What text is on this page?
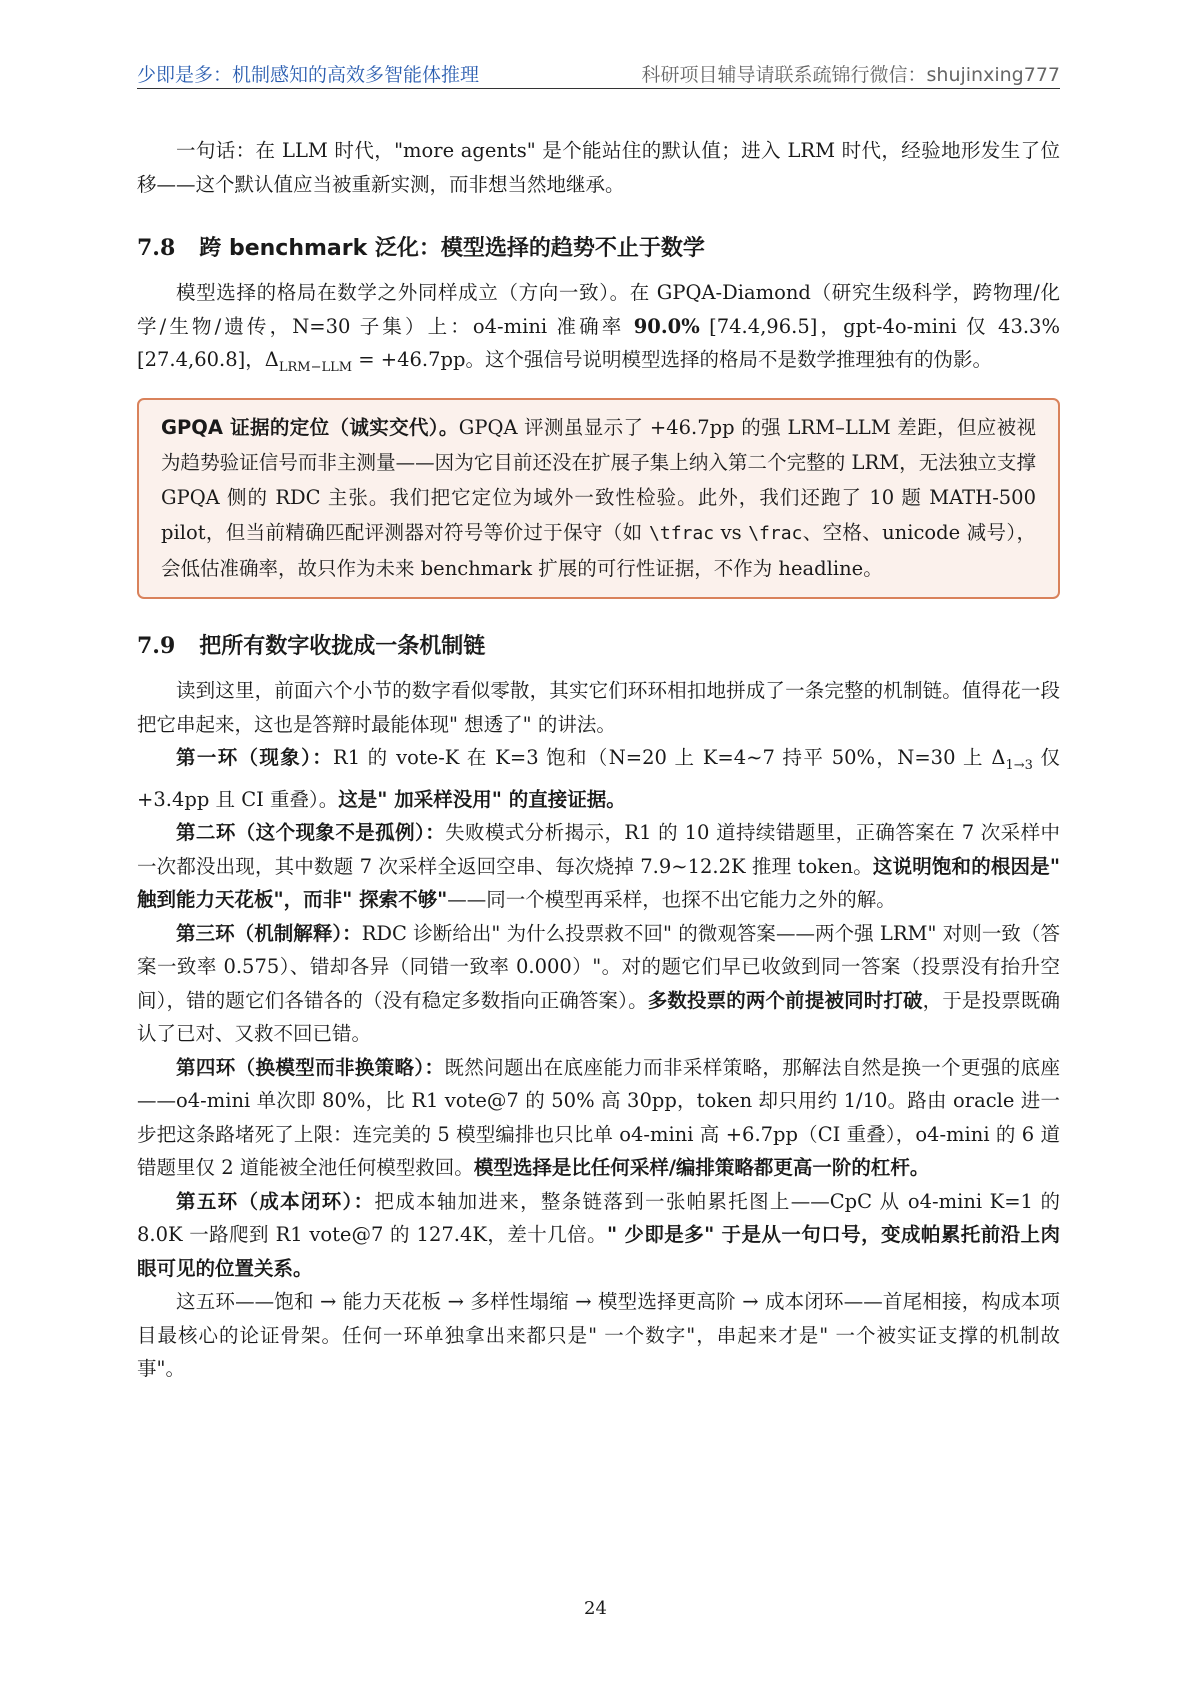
少即是多：机制感知的高效多智能体推理	科研项目辅导请联系疏锦行微信：shujinxing777

一句话：在 LLM 时代，"more agents" 是个能站住的默认值；进入 LRM 时代，经验地形发生了位移——这个默认值应当被重新实测，而非想当然地继承。

7.8 跨 benchmark 泛化：模型选择的趋势不止于数学

模型选择的格局在数学之外同样成立（方向一致）。在 GPQA-Diamond（研究生级科学，跨物理/化学/生物/遗传，N=30 子集）上：o4-mini 准确率 90.0% [74.4,96.5]，gpt-4o-mini 仅 43.3% [27.4,60.8]，$\Delta_{LRM-LLM} = +46.7pp$。这个强信号说明模型选择的格局不是数学推理独有的伪影。

GPQA 证据的定位（诚实交代）。GPQA 评测虽显示了 +46.7pp 的强 LRM–LLM 差距，但应被视为趋势验证信号而非主测量——因为它目前还没在扩展子集上纳入第二个完整的 LRM，无法独立支撑 GPQA 侧的 RDC 主张。我们把它定位为域外一致性检验。此外，我们还跑了 10 题 MATH-500 pilot，但当前精确匹配评测器对符号等价过于保守（如 \tfrac vs \frac、空格、unicode 减号），会低估准确率，故只作为未来 benchmark 扩展的可行性证据，不作为 headline。

7.9 把所有数字收拢成一条机制链

读到这里，前面六个小节的数字看似零散，其实它们环环相扣地拼成了一条完整的机制链。值得花一段把它串起来，这也是答辩时最能体现" 想透了" 的讲法。

第一环（现象）：R1 的 vote-K 在 K=3 饱和（N=20 上 K=4∼7 持平 50%，N=30 上 $\Delta_{1\to 3}$ 仅 +3.4pp 且 CI 重叠）。这是" 加采样没用" 的直接证据。

第二环（这个现象不是孤例）：失败模式分析揭示，R1 的 10 道持续错题里，正确答案在 7 次采样中一次都没出现，其中数题 7 次采样全返回空串、每次烧掉 7.9∼12.2K 推理 token。这说明饱和的根因是" 触到能力天花板"，而非" 探索不够"——同一个模型再采样，也探不出它能力之外的解。

第三环（机制解释）：RDC 诊断给出" 为什么投票救不回" 的微观答案——两个强 LRM" 对则一致（答案一致率 0.575）、错却各异（同错一致率 0.000）"。对的题它们早已收敛到同一答案（投票没有抬升空间），错的题它们各错各的（没有稳定多数指向正确答案）。多数投票的两个前提被同时打破，于是投票既确认了已对、又救不回已错。

第四环（换模型而非换策略）：既然问题出在底座能力而非采样策略，那解法自然是换一个更强的底座——o4-mini 单次即 80%，比 R1 vote@7 的 50% 高 30pp，token 却只用约 1/10。路由 oracle 进一步把这条路堵死了上限：连完美的 5 模型编排也只比单 o4-mini 高 +6.7pp（CI 重叠），o4-mini 的 6 道错题里仅 2 道能被全池任何模型救回。模型选择是比任何采样/编排策略都更高一阶的杠杆。

第五环（成本闭环）：把成本轴加进来，整条链落到一张帕累托图上——CpC 从 o4-mini K=1 的 8.0K 一路爬到 R1 vote@7 的 127.4K，差十几倍。" 少即是多" 于是从一句口号，变成帕累托前沿上肉眼可见的位置关系。

这五环——饱和 → 能力天花板 → 多样性塌缩 → 模型选择更高阶 → 成本闭环——首尾相接，构成本项目最核心的论证骨架。任何一环单独拿出来都只是" 一个数字"，串起来才是" 一个被实证支撑的机制故事"。

24
